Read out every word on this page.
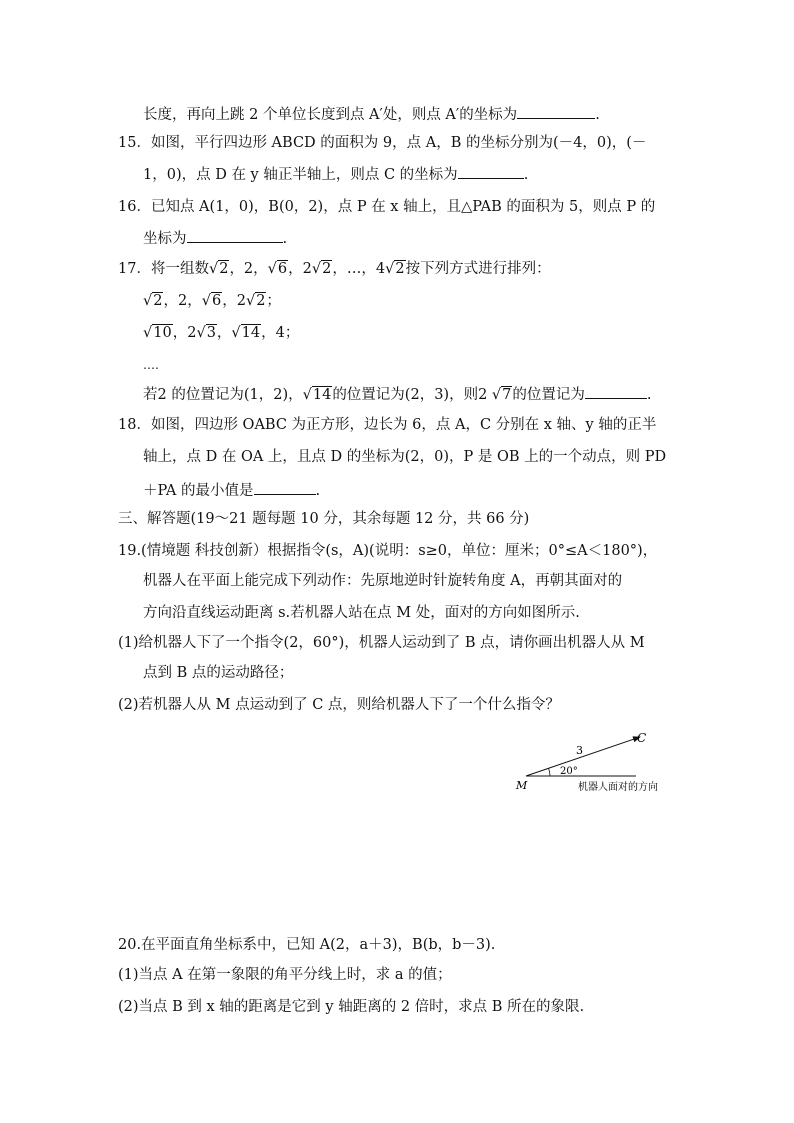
长度，再向上跳 2 个单位长度到点 A′处，则点 A′的坐标为	.
15．如图，平行四边形 ABCD 的面积为 9，点 A，B 的坐标分别为(－4，0)，(－
1，0)，点 D 在 y 轴正半轴上，则点 C 的坐标为	.
16．已知点 A(1，0)，B(0，2)，点 P 在 x 轴上，且△PAB 的面积为 5，则点 P 的
坐标为	.
17．将一组数√2，2，√6，2√2，…，4√2按下列方式进行排列：
√2，2，√6，2√2；
√10，2√3，√14，4；
….
若2 的位置记为(1，2)，√14的位置记为(2，3)，则2 √7的位置记为	.
18．如图，四边形 OABC 为正方形，边长为 6，点 A，C 分别在 x 轴、y 轴的正半
轴上，点 D 在 OA 上，且点 D 的坐标为(2，0)，P 是 OB 上的一个动点，则 PD
＋PA 的最小值是	.
三、解答题(19～21 题每题 10 分，其余每题 12 分，共 66 分)
19.(情境题 科技创新）根据指令(s，A)(说明：s≥0，单位：厘米；0°≤A＜180°)，
机器人在平面上能完成下列动作：先原地逆时针旋转角度 A，再朝其面对的
方向沿直线运动距离 s.若机器人站在点 M 处，面对的方向如图所示.
(1)给机器人下了一个指令(2，60°)，机器人运动到了 B 点，请你画出机器人从 M
点到 B 点的运动路径；
(2)若机器人从 M 点运动到了 C 点，则给机器人下了一个什么指令？
C
M
3
20°
机器人面对的方向
20.在平面直角坐标系中，已知 A(2，a＋3)，B(b，b－3).
(1)当点 A 在第一象限的角平分线上时，求 a 的值；
(2)当点 B 到 x 轴的距离是它到 y 轴距离的 2 倍时，求点 B 所在的象限.
